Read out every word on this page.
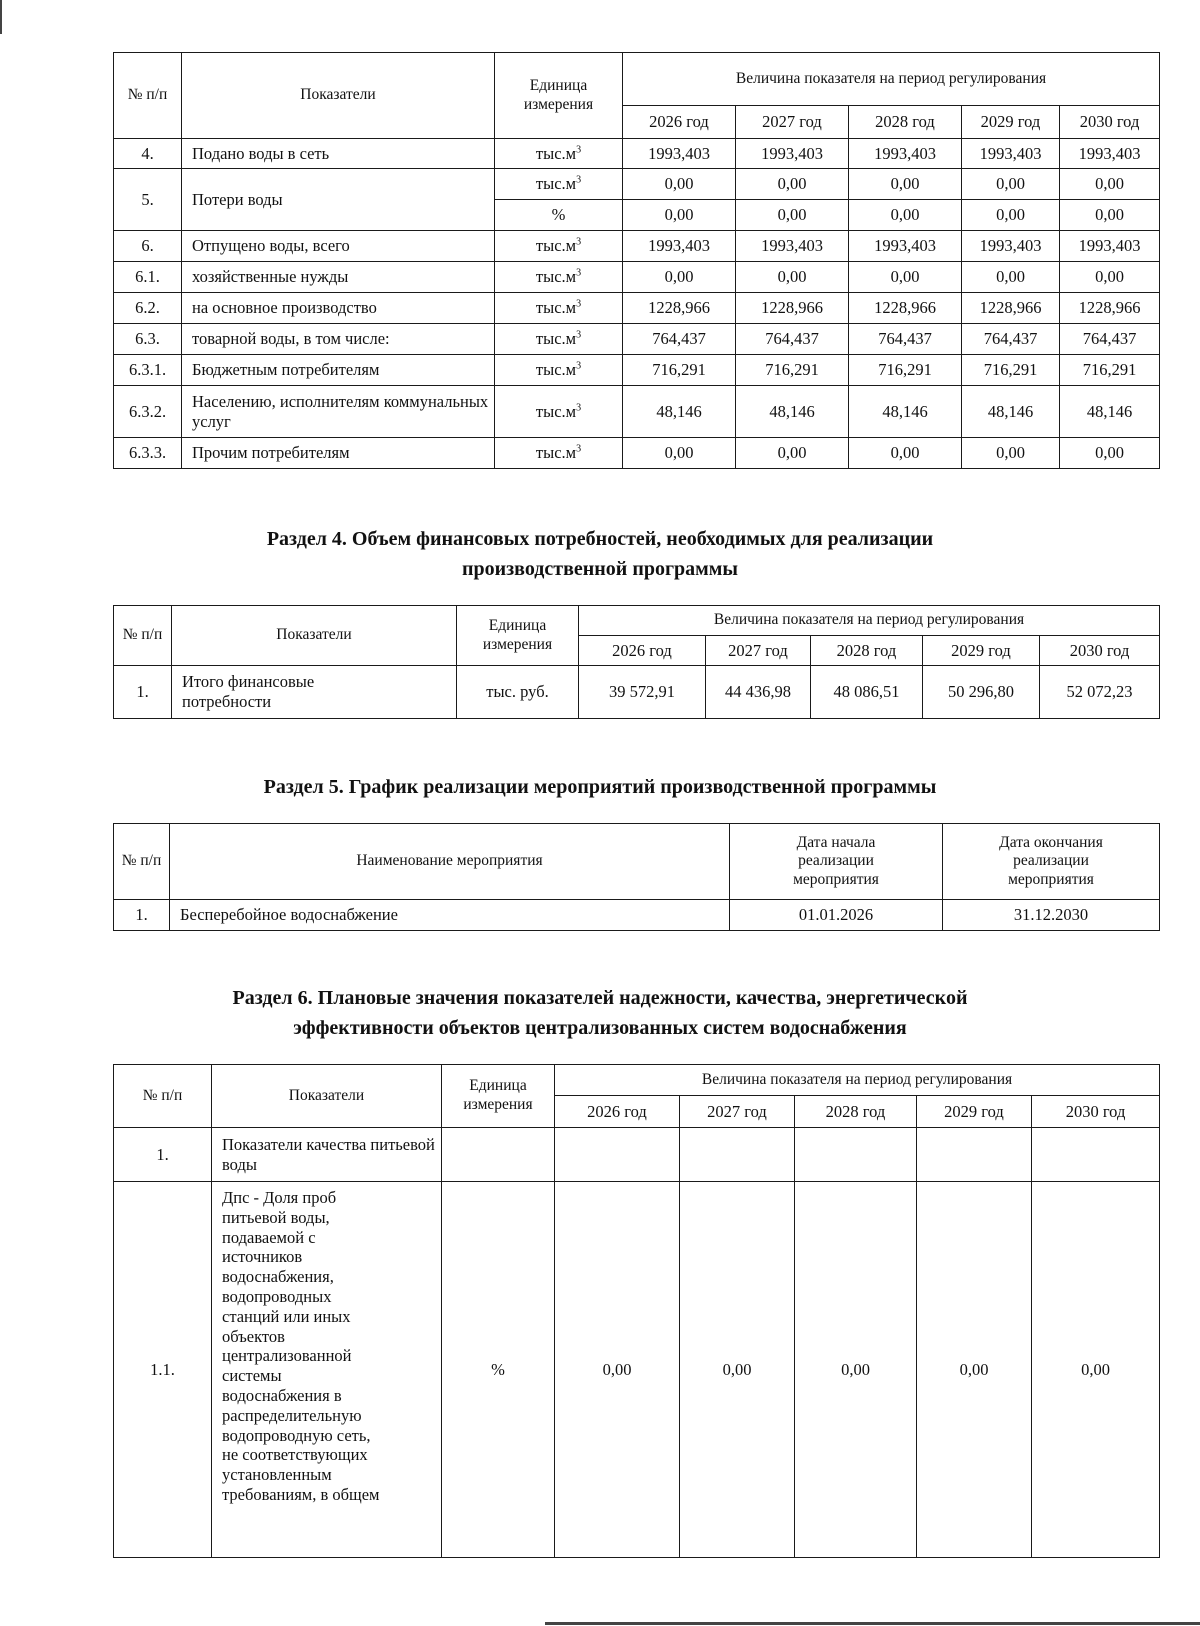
№ п/п	Показатели	Единица измерения	Величина показателя на период регулирования				
			2026 год	2027 год	2028 год	2029 год	2030 год
4.	Подано воды в сеть	$тыс.м^3$	1993,403	1993,403	1993,403	1993,403	1993,403
5.	Потери воды	$тыс.м^3$	0,00	0,00	0,00	0,00	0,00
		%	0,00	0,00	0,00	0,00	0,00
6.	Отпущено воды, всего	$тыс.м^3$	1993,403	1993,403	1993,403	1993,403	1993,403
6.1.	хозяйственные нужды	$тыс.м^3$	0,00	0,00	0,00	0,00	0,00
6.2.	на основное производство	$тыс.м^3$	1228,966	1228,966	1228,966	1228,966	1228,966
6.3.	товарной воды, в том числе:	$тыс.м^3$	764,437	764,437	764,437	764,437	764,437
6.3.1.	Бюджетным потребителям	$тыс.м^3$	716,291	716,291	716,291	716,291	716,291
6.3.2.	Населению, исполнителям коммунальных услуг	$тыс.м^3$	48,146	48,146	48,146	48,146	48,146
6.3.3.	Прочим потребителям	$тыс.м^3$	0,00	0,00	0,00	0,00	0,00
Раздел 4. Объем финансовых потребностей, необходимых для реализации производственной программы
№ п/п	Показатели	Единица измерения	Величина показателя на период регулирования				
			2026 год	2027 год	2028 год	2029 год	2030 год
1.	Итого финансовые потребности	тыс. руб.	39 572,91	44 436,98	48 086,51	50 296,80	52 072,23
Раздел 5. График реализации мероприятий производственной программы
№ п/п	Наименование мероприятия	Дата начала реализации мероприятия	Дата окончания реализации мероприятия
1.	Бесперебойное водоснабжение	01.01.2026	31.12.2030
Раздел 6. Плановые значения показателей надежности, качества, энергетической эффективности объектов централизованных систем водоснабжения
№ п/п	Показатели	Единица измерения	Величина показателя на период регулирования				
			2026 год	2027 год	2028 год	2029 год	2030 год
1.	Показатели качества питьевой воды						
1.1.	Дпс - Доля проб питьевой воды, подаваемой с источников водоснабжения, водопроводных станций или иных объектов централизованной системы водоснабжения в распределительную водопроводную сеть, не соответствующих установленным требованиям, в общем	%	0,00	0,00	0,00	0,00	0,00
